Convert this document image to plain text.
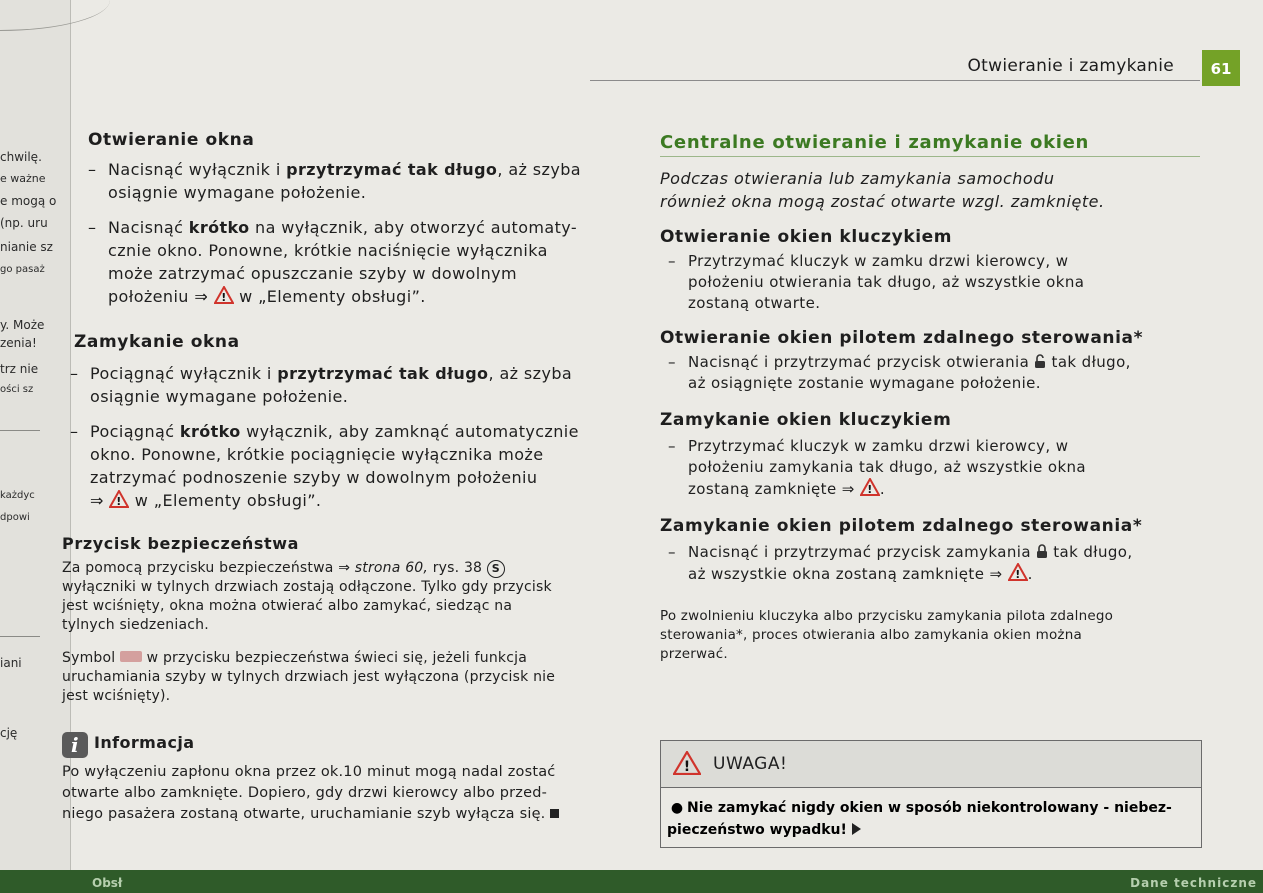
chwilę.
e ważne
e mogą o
(np. uru
nianie sz
go pasaż
y. Może
zenia!
trz nie
ości sz
każdyc
dpowi
iani
cję
Otwieranie i zamykanie	61
Otwieranie okna
– Nacisnąć wyłącznik i przytrzymać tak długo, aż szyba
osiągnie wymagane położenie.
– Nacisnąć krótko na wyłącznik, aby otworzyć automaty-
cznie okno. Ponowne, krótkie naciśnięcie wyłącznika
może zatrzymać opuszczanie szyby w dowolnym
położeniu ⇒ ! w „Elementy obsługi”.
Zamykanie okna
– Pociągnąć wyłącznik i przytrzymać tak długo, aż szyba
osiągnie wymagane położenie.
– Pociągnąć krótko wyłącznik, aby zamknąć automatycznie
okno. Ponowne, krótkie pociągnięcie wyłącznika może
zatrzymać podnoszenie szyby w dowolnym położeniu
⇒ ! w „Elementy obsługi”.
Przycisk bezpieczeństwa
Za pomocą przycisku bezpieczeństwa ⇒ strona 60, rys. 38 S
wyłączniki w tylnych drzwiach zostają odłączone. Tylko gdy przycisk
jest wciśnięty, okna można otwierać albo zamykać, siedząc na
tylnych siedzeniach.
Symbol  w przycisku bezpieczeństwa świeci się, jeżeli funkcja
uruchamiania szyby w tylnych drzwiach jest wyłączona (przycisk nie
jest wciśnięty).
i Informacja
Po wyłączeniu zapłonu okna przez ok.10 minut mogą nadal zostać
otwarte albo zamknięte. Dopiero, gdy drzwi kierowcy albo przed-
niego pasażera zostaną otwarte, uruchamianie szyb wyłącza się.
Centralne otwieranie i zamykanie okien
Podczas otwierania lub zamykania samochodu
również okna mogą zostać otwarte wzgl. zamknięte.
Otwieranie okien kluczykiem
– Przytrzymać kluczyk w zamku drzwi kierowcy, w
położeniu otwierania tak długo, aż wszystkie okna
zostaną otwarte.
Otwieranie okien pilotem zdalnego sterowania*
– Nacisnąć i przytrzymać przycisk otwierania  tak długo,
aż osiągnięte zostanie wymagane położenie.
Zamykanie okien kluczykiem
– Przytrzymać kluczyk w zamku drzwi kierowcy, w
położeniu zamykania tak długo, aż wszystkie okna
zostaną zamknięte ⇒ ! .
Zamykanie okien pilotem zdalnego sterowania*
– Nacisnąć i przytrzymać przycisk zamykania  tak długo,
aż wszystkie okna zostaną zamknięte ⇒ ! .
Po zwolnieniu kluczyka albo przycisku zamykania pilota zdalnego
sterowania*, proces otwierania albo zamykania okien można
przerwać.
! UWAGA!
● Nie zamykać nigdy okien w sposób niekontrolowany - niebez-
pieczeństwo wypadku!
Obsł	Dane techniczne
